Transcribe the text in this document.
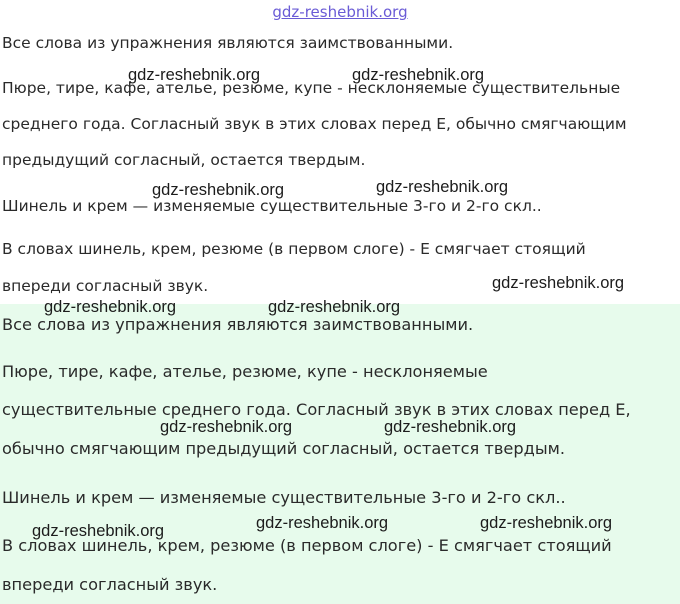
gdz-reshebnik.org
Все слова из упражнения являются заимствованными.
Пюре, тире, кафе, ателье, резюме, купе - несклоняемые существительные
среднего года. Согласный звук в этих словах перед Е, обычно смягчающим
предыдущий согласный, остается твердым.
Шинель и крем — изменяемые существительные 3-го и 2-го скл..
В словах шинель, крем, резюме (в первом слоге) - Е смягчает стоящий
впереди согласный звук.
Все слова из упражнения являются заимствованными.
Пюре, тире, кафе, ателье, резюме, купе - несклоняемые
существительные среднего года. Согласный звук в этих словах перед Е,
обычно смягчающим предыдущий согласный, остается твердым.
Шинель и крем — изменяемые существительные 3-го и 2-го скл..
В словах шинель, крем, резюме (в первом слоге) - Е смягчает стоящий
впереди согласный звук.
gdz-reshebnik.org	gdz-reshebnik.org
gdz-reshebnik.org	gdz-reshebnik.org
gdz-reshebnik.org
gdz-reshebnik.org	gdz-reshebnik.org
gdz-reshebnik.org	gdz-reshebnik.org
gdz-reshebnik.org	gdz-reshebnik.org	gdz-reshebnik.org
